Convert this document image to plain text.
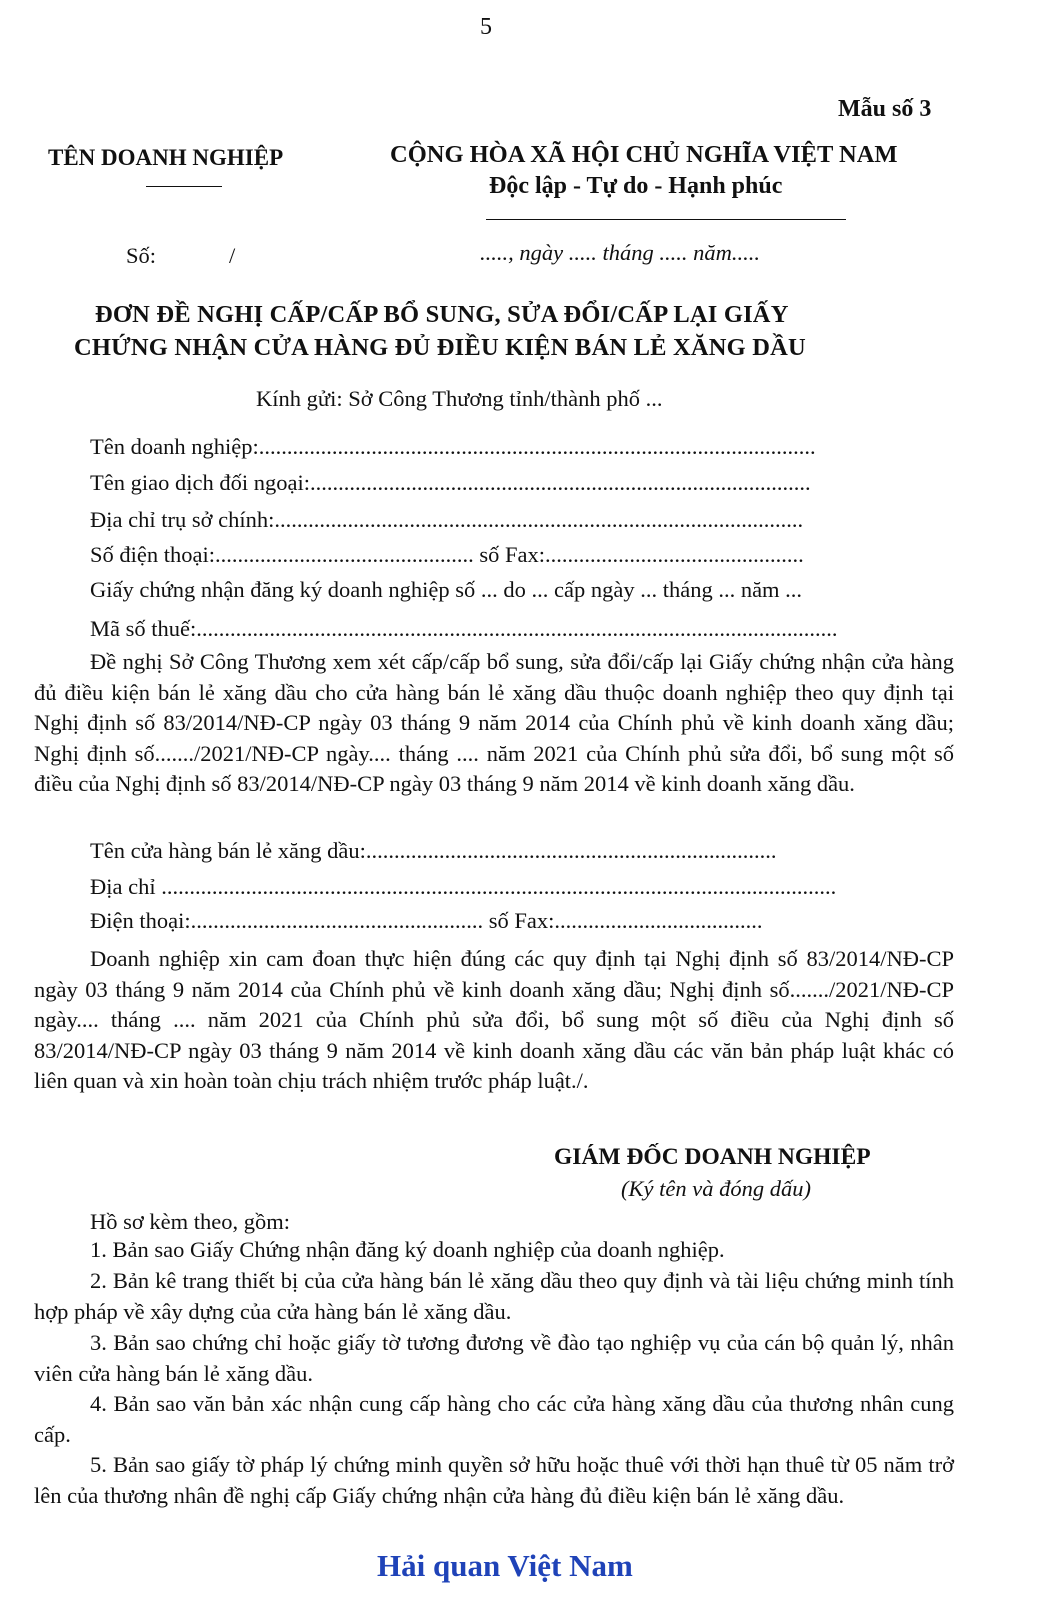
5
Mẫu số 3
TÊN DOANH NGHIỆP	CỘNG HÒA XÃ HỘI CHỦ NGHĨA VIỆT NAM
Độc lập - Tự do - Hạnh phúc
Số:	/	....., ngày ..... tháng ..... năm.....
ĐƠN ĐỀ NGHỊ CẤP/CẤP BỔ SUNG, SỬA ĐỔI/CẤP LẠI GIẤY
CHỨNG NHẬN CỬA HÀNG ĐỦ ĐIỀU KIỆN BÁN LẺ XĂNG DẦU
Kính gửi: Sở Công Thương tỉnh/thành phố ...
Tên doanh nghiệp:...................................................................................................
Tên giao dịch đối ngoại:.........................................................................................
Địa chỉ trụ sở chính:..............................................................................................
Số điện thoại:.............................................. số Fax:..............................................
Giấy chứng nhận đăng ký doanh nghiệp số ... do ... cấp ngày ... tháng ... năm ...
Mã số thuế:..................................................................................................................
Đề nghị Sở Công Thương xem xét cấp/cấp bổ sung, sửa đổi/cấp lại Giấy chứng nhận cửa hàng đủ điều kiện bán lẻ xăng dầu cho cửa hàng bán lẻ xăng dầu thuộc doanh nghiệp theo quy định tại Nghị định số 83/2014/NĐ-CP ngày 03 tháng 9 năm 2014 của Chính phủ về kinh doanh xăng dầu; Nghị định số......./2021/NĐ-CP ngày.... tháng .... năm 2021 của Chính phủ sửa đổi, bổ sung một số điều của Nghị định số 83/2014/NĐ-CP ngày 03 tháng 9 năm 2014 về kinh doanh xăng dầu.
Tên cửa hàng bán lẻ xăng dầu:.........................................................................
Địa chỉ ........................................................................................................................
Điện thoại:.................................................... số Fax:.....................................
Doanh nghiệp xin cam đoan thực hiện đúng các quy định tại Nghị định số 83/2014/NĐ-CP ngày 03 tháng 9 năm 2014 của Chính phủ về kinh doanh xăng dầu; Nghị định số......./2021/NĐ-CP ngày.... tháng .... năm 2021 của Chính phủ sửa đổi, bổ sung một số điều của Nghị định số 83/2014/NĐ-CP ngày 03 tháng 9 năm 2014 về kinh doanh xăng dầu các văn bản pháp luật khác có liên quan và xin hoàn toàn chịu trách nhiệm trước pháp luật./.
GIÁM ĐỐC DOANH NGHIỆP
(Ký tên và đóng dấu)
Hồ sơ kèm theo, gồm:
1. Bản sao Giấy Chứng nhận đăng ký doanh nghiệp của doanh nghiệp.
2. Bản kê trang thiết bị của cửa hàng bán lẻ xăng dầu theo quy định và tài liệu chứng minh tính hợp pháp về xây dựng của cửa hàng bán lẻ xăng dầu.
3. Bản sao chứng chỉ hoặc giấy tờ tương đương về đào tạo nghiệp vụ của cán bộ quản lý, nhân viên cửa hàng bán lẻ xăng dầu.
4. Bản sao văn bản xác nhận cung cấp hàng cho các cửa hàng xăng dầu của thương nhân cung cấp.
5. Bản sao giấy tờ pháp lý chứng minh quyền sở hữu hoặc thuê với thời hạn thuê từ 05 năm trở lên của thương nhân đề nghị cấp Giấy chứng nhận cửa hàng đủ điều kiện bán lẻ xăng dầu.
Hải quan Việt Nam
